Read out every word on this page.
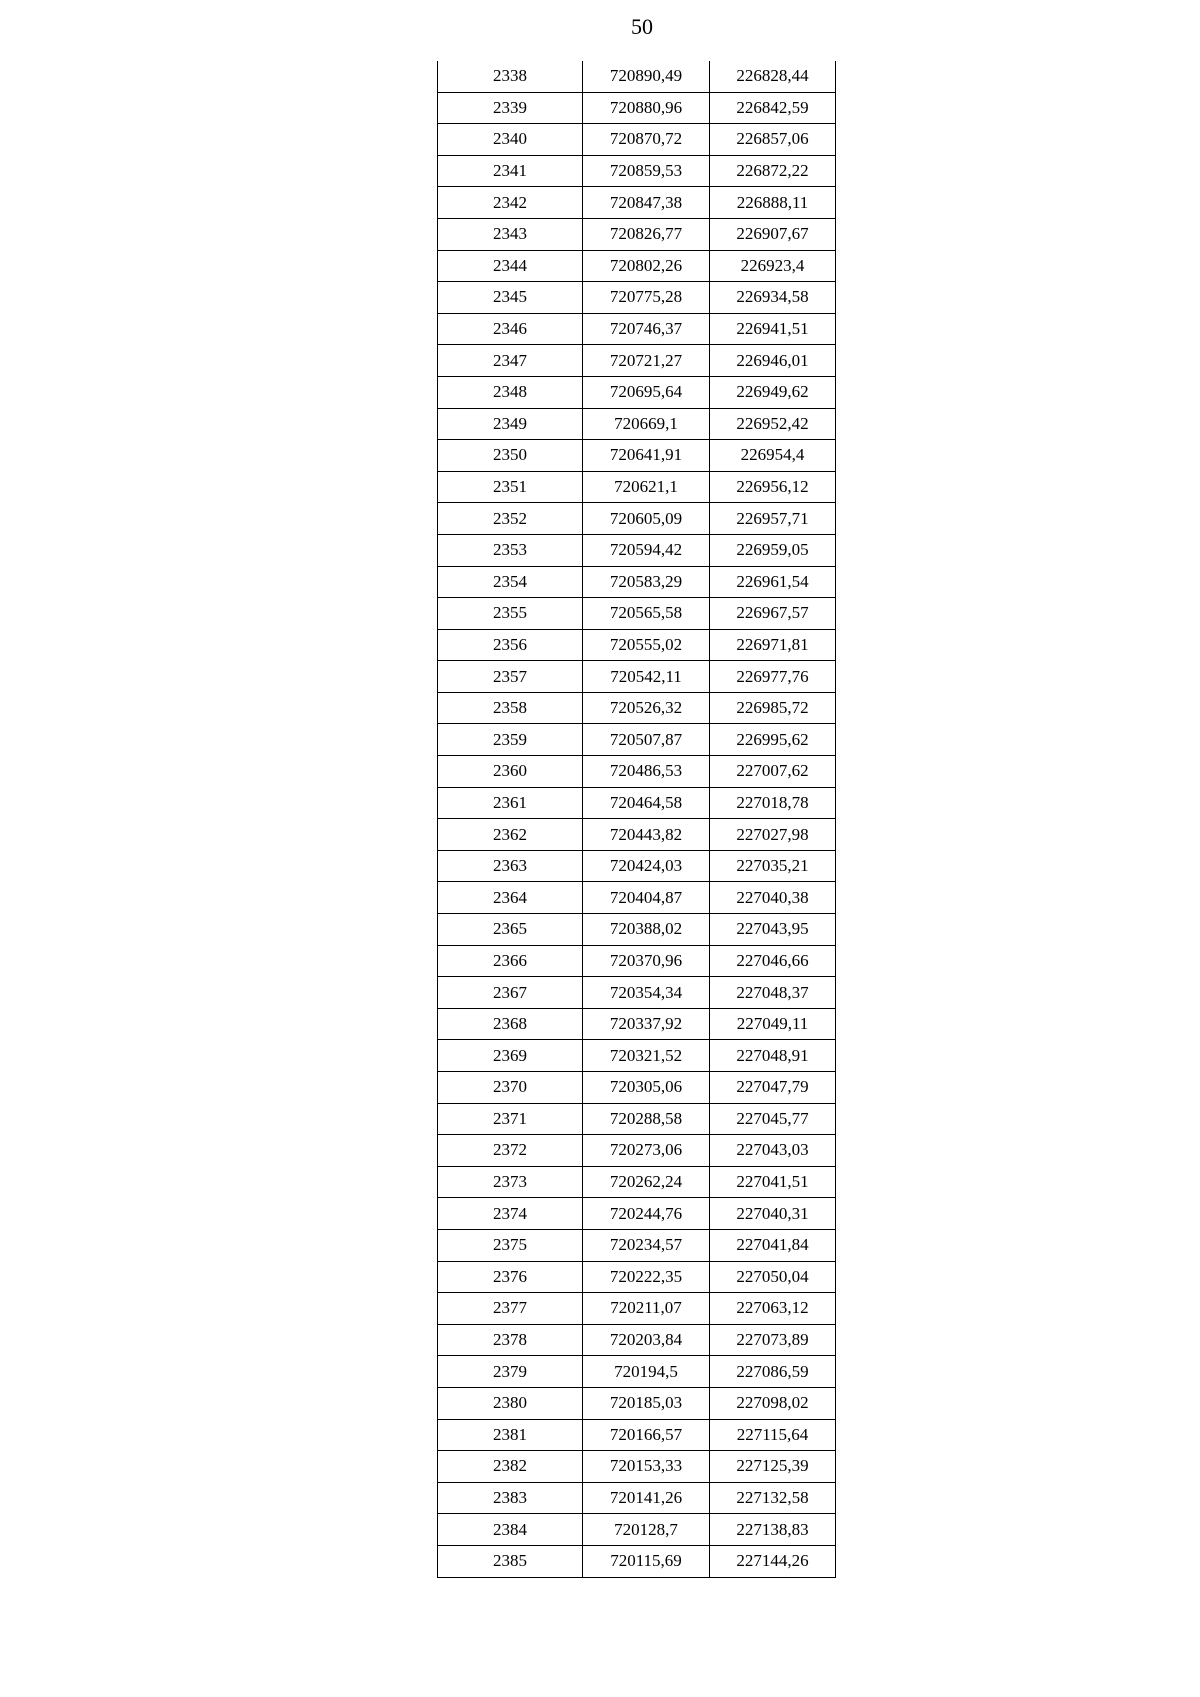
50
2338	720890,49	226828,44
2339	720880,96	226842,59
2340	720870,72	226857,06
2341	720859,53	226872,22
2342	720847,38	226888,11
2343	720826,77	226907,67
2344	720802,26	226923,4
2345	720775,28	226934,58
2346	720746,37	226941,51
2347	720721,27	226946,01
2348	720695,64	226949,62
2349	720669,1	226952,42
2350	720641,91	226954,4
2351	720621,1	226956,12
2352	720605,09	226957,71
2353	720594,42	226959,05
2354	720583,29	226961,54
2355	720565,58	226967,57
2356	720555,02	226971,81
2357	720542,11	226977,76
2358	720526,32	226985,72
2359	720507,87	226995,62
2360	720486,53	227007,62
2361	720464,58	227018,78
2362	720443,82	227027,98
2363	720424,03	227035,21
2364	720404,87	227040,38
2365	720388,02	227043,95
2366	720370,96	227046,66
2367	720354,34	227048,37
2368	720337,92	227049,11
2369	720321,52	227048,91
2370	720305,06	227047,79
2371	720288,58	227045,77
2372	720273,06	227043,03
2373	720262,24	227041,51
2374	720244,76	227040,31
2375	720234,57	227041,84
2376	720222,35	227050,04
2377	720211,07	227063,12
2378	720203,84	227073,89
2379	720194,5	227086,59
2380	720185,03	227098,02
2381	720166,57	227115,64
2382	720153,33	227125,39
2383	720141,26	227132,58
2384	720128,7	227138,83
2385	720115,69	227144,26
